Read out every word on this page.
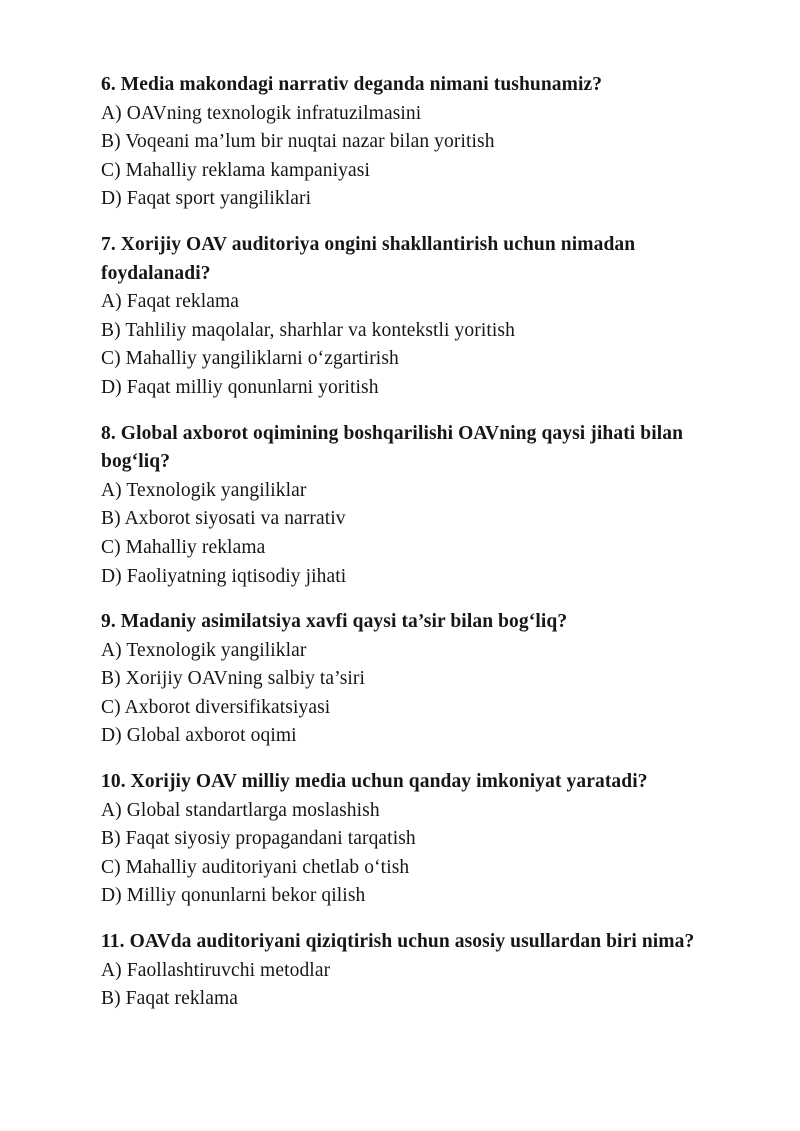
6. Media makondagi narrativ deganda nimani tushunamiz?

A) OAVning texnologik infratuzilmasini

B) Voqeani ma’lum bir nuqtai nazar bilan yoritish

C) Mahalliy reklama kampaniyasi

D) Faqat sport yangiliklari

7. Xorijiy OAV auditoriya ongini shakllantirish uchun nimadan foydalanadi?

A) Faqat reklama

B) Tahliliy maqolalar, sharhlar va kontekstli yoritish

C) Mahalliy yangiliklarni o‘zgartirish

D) Faqat milliy qonunlarni yoritish

8. Global axborot oqimining boshqarilishi OAVning qaysi jihati bilan bog‘liq?

A) Texnologik yangiliklar

B) Axborot siyosati va narrativ

C) Mahalliy reklama

D) Faoliyatning iqtisodiy jihati

9. Madaniy asimilatsiya xavfi qaysi ta’sir bilan bog‘liq?

A) Texnologik yangiliklar

B) Xorijiy OAVning salbiy ta’siri

C) Axborot diversifikatsiyasi

D) Global axborot oqimi

10. Xorijiy OAV milliy media uchun qanday imkoniyat yaratadi?

A) Global standartlarga moslashish

B) Faqat siyosiy propagandani tarqatish

C) Mahalliy auditoriyani chetlab o‘tish

D) Milliy qonunlarni bekor qilish

11. OAVda auditoriyani qiziqtirish uchun asosiy usullardan biri nima?

A) Faollashtiruvchi metodlar

B) Faqat reklama
